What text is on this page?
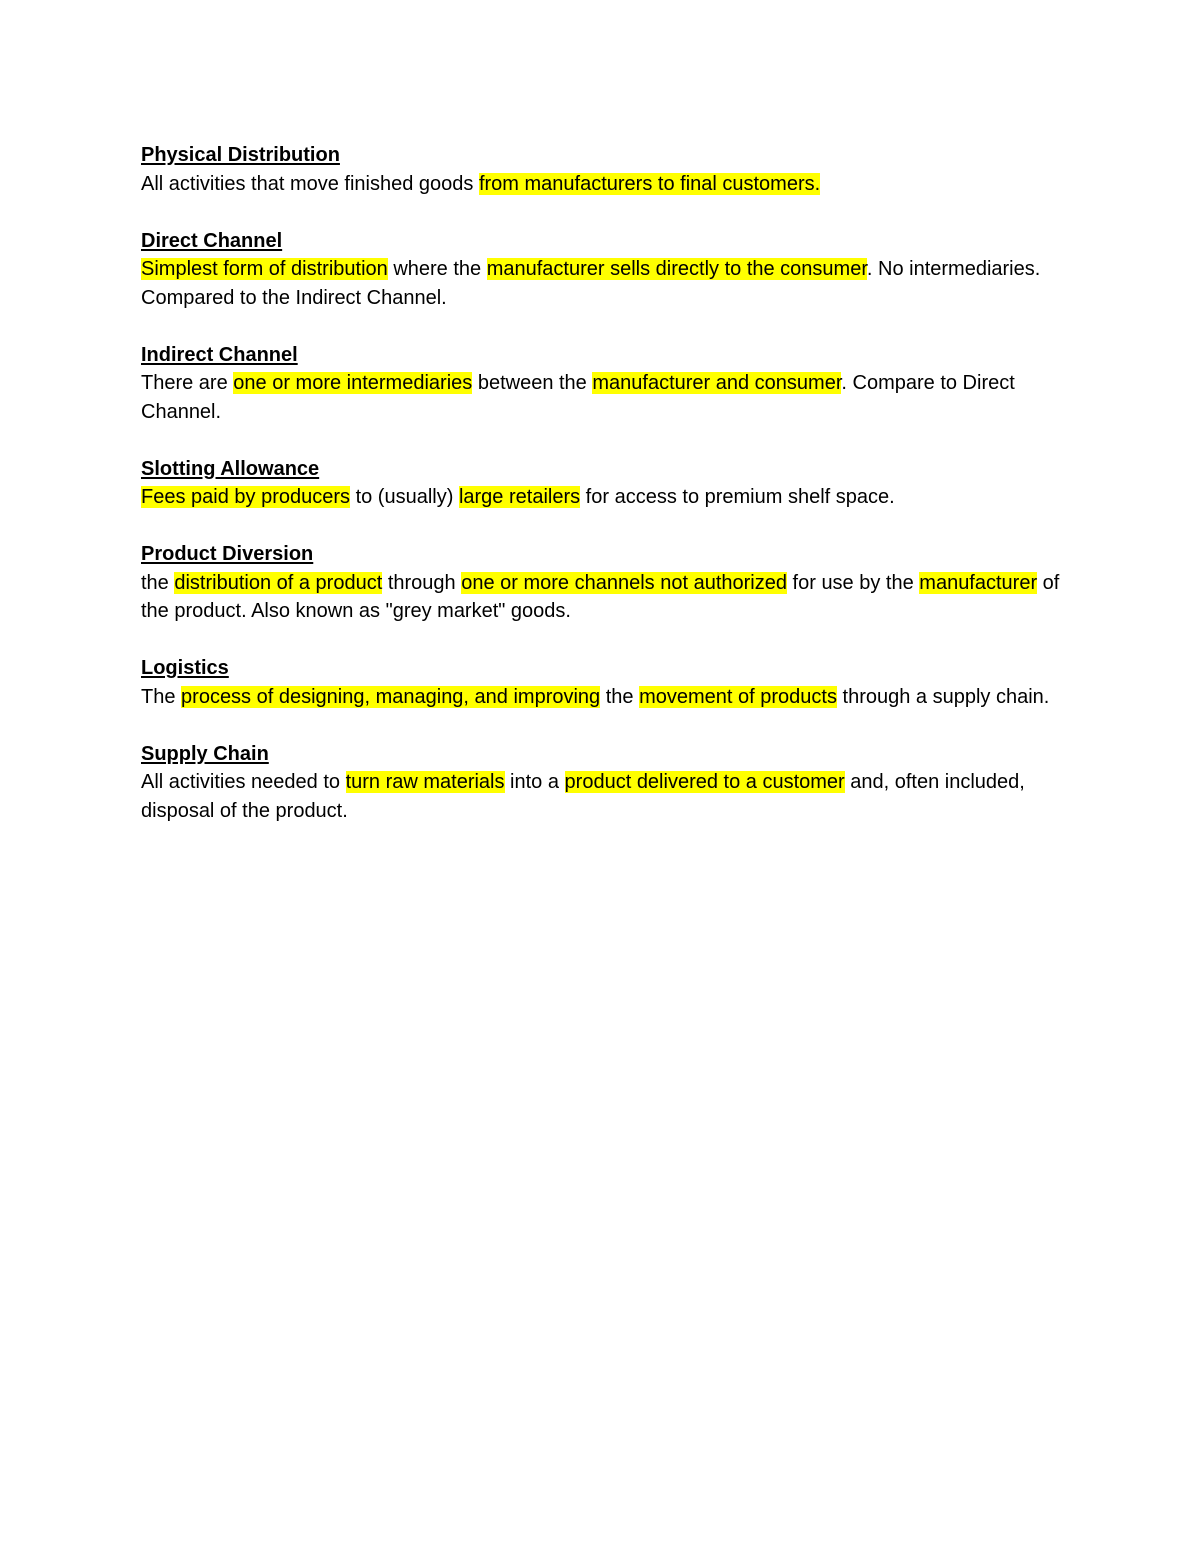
Physical Distribution

All activities that move finished goods from manufacturers to final customers.

Direct Channel

Simplest form of distribution where the manufacturer sells directly to the consumer. No intermediaries. Compared to the Indirect Channel.

Indirect Channel

There are one or more intermediaries between the manufacturer and consumer. Compare to Direct Channel.

Slotting Allowance

Fees paid by producers to (usually) large retailers for access to premium shelf space.

Product Diversion

the distribution of a product through one or more channels not authorized for use by the manufacturer of the product. Also known as "grey market" goods.

Logistics

The process of designing, managing, and improving the movement of products through a supply chain.

Supply Chain

All activities needed to turn raw materials into a product delivered to a customer and, often included, disposal of the product.
